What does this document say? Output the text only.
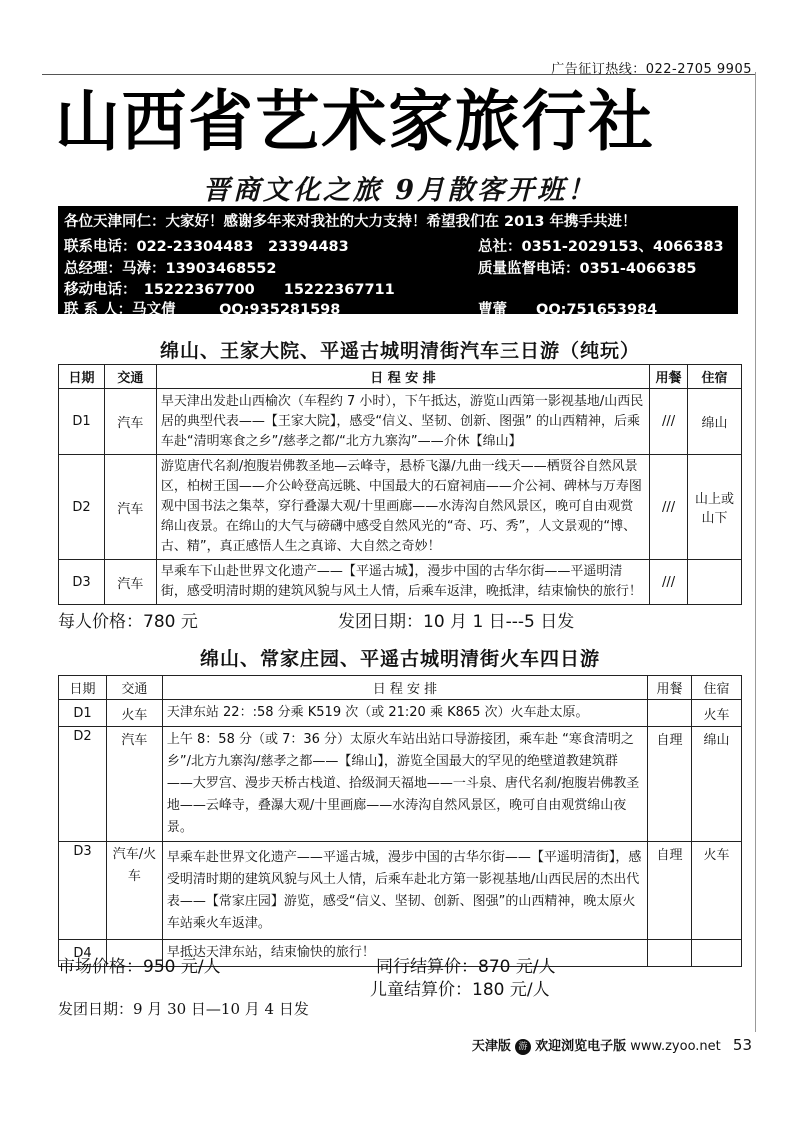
广告征订热线：022-2705 9905
山西省艺术家旅行社
晋商文化之旅 9月散客开班！
各位天津同仁：大家好！感谢多年来对我社的大力支持！希望我们在 2013 年携手共进！
联系电话：022-23304483　23394483	总社：0351-2029153、4066383
总经理：马涛：13903468552	质量监督电话：0351-4066385
移动电话：　15222367700　　15222367711
联 系 人：马文倩　　　QQ:935281598	曹蕾　　QQ:751653984
绵山、王家大院、平遥古城明清街汽车三日游（纯玩）
日期	交通	日 程 安 排	用餐	住宿
D1	汽车	早天津出发赴山西榆次（车程约 7 小时），下午抵达，游览山西第一影视基地/山西民居的典型代表——【王家大院】，感受“信义、坚韧、创新、图强” 的山西精神，后乘车赴“清明寒食之乡”/慈孝之都/“北方九寨沟”——介休【绵山】	///	绵山
D2	汽车	游览唐代名刹/抱腹岩佛教圣地—云峰寺，悬桥飞瀑/九曲一线天——栖贤谷自然风景区，柏树王国——介公岭登高远眺、中国最大的石窟祠庙——介公祠、碑林与万寿图观中国书法之集萃，穿行叠瀑大观/十里画廊——水涛沟自然风景区，晚可自由观赏绵山夜景。在绵山的大气与磅礴中感受自然风光的“奇、巧、秀”，人文景观的“博、古、精”，真正感悟人生之真谛、大自然之奇妙！	///	山上或山下
D3	汽车	早乘车下山赴世界文化遗产——【平遥古城】，漫步中国的古华尔街——平遥明清街，感受明清时期的建筑风貌与风土人情，后乘车返津，晚抵津，结束愉快的旅行！	///	
每人价格：780 元	发团日期：10 月 1 日---5 日发
绵山、常家庄园、平遥古城明清街火车四日游
日期	交通	日 程 安 排	用餐	住宿
D1	火车	天津东站 22：:58 分乘 K519 次（或 21:20 乘 K865 次）火车赴太原。		火车
D2	汽车	上午 8：58 分（或 7：36 分）太原火车站出站口导游接团，乘车赴 “寒食清明之乡”/北方九寨沟/慈孝之都——【绵山】，游览全国最大的罕见的绝壁道教建筑群——大罗宫、漫步天桥古栈道、拾级洞天福地——一斗泉、唐代名刹/抱腹岩佛教圣地——云峰寺，叠瀑大观/十里画廊——水涛沟自然风景区，晚可自由观赏绵山夜景。	自理	绵山
D3	汽车/火车	早乘车赴世界文化遗产——平遥古城，漫步中国的古华尔街——【平遥明清街】，感受明清时期的建筑风貌与风土人情，后乘车赴北方第一影视基地/山西民居的杰出代表——【常家庄园】游览，感受“信义、坚韧、创新、图强”的山西精神，晚太原火车站乘火车返津。	自理	火车
D4		早抵达天津东站，结束愉快的旅行！		
市场价格：950 元/人	同行结算价：870 元/人
儿童结算价：180 元/人
发团日期：9 月 30 日—10 月 4 日发
天津版 游 欢迎浏览电子版 www.zyoo.net 53
